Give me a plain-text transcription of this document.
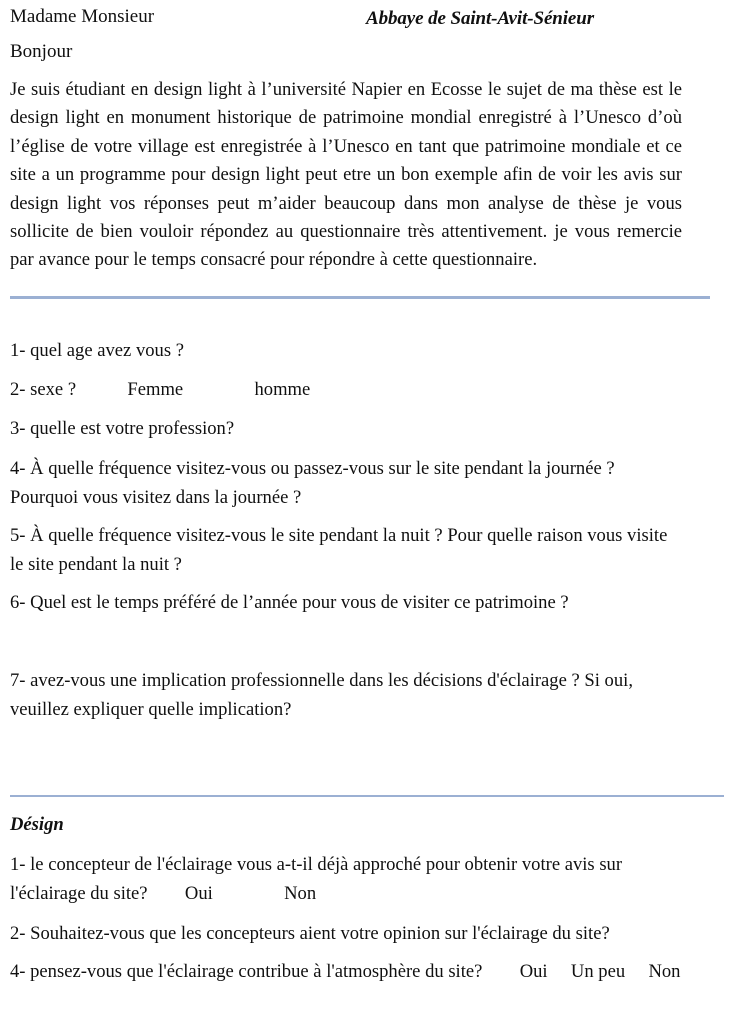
Madame Monsieur	Abbaye de Saint-Avit-Sénieur
Bonjour
Je suis étudiant en design light à l’université Napier en Ecosse le sujet de ma thèse est le design light en monument historique de patrimoine mondial enregistré à l’Unesco d’où l’église de votre village est enregistrée à l’Unesco en tant que patrimoine mondiale et ce site a un programme pour design light peut etre un bon exemple afin de voir les avis sur design light vos réponses peut m’aider beaucoup dans mon analyse de thèse je vous sollicite de bien vouloir répondez au questionnaire très attentivement. je vous remercie par avance pour le temps consacré pour répondre à cette questionnaire.
1- quel age avez vous ?
2- sexe ?	Femme	homme
3- quelle est votre profession?
4- À quelle fréquence visitez-vous ou passez-vous sur le site pendant la journée ? Pourquoi vous visitez dans la journée ?
5- À quelle fréquence visitez-vous le site pendant la nuit ? Pour quelle raison vous visite le site pendant la nuit ?
6- Quel est le temps préféré de l’année pour vous de visiter ce patrimoine ?
7- avez-vous une implication professionnelle dans les décisions d'éclairage ? Si oui, veuillez expliquer quelle implication?
Désign
1- le concepteur de l'éclairage vous a-t-il déjà approché pour obtenir votre avis sur l'éclairage du site? Oui	Non
2- Souhaitez-vous que les concepteurs aient votre opinion sur l'éclairage du site?
4- pensez-vous que l'éclairage contribue à l'atmosphère du site? Oui Un peu Non
